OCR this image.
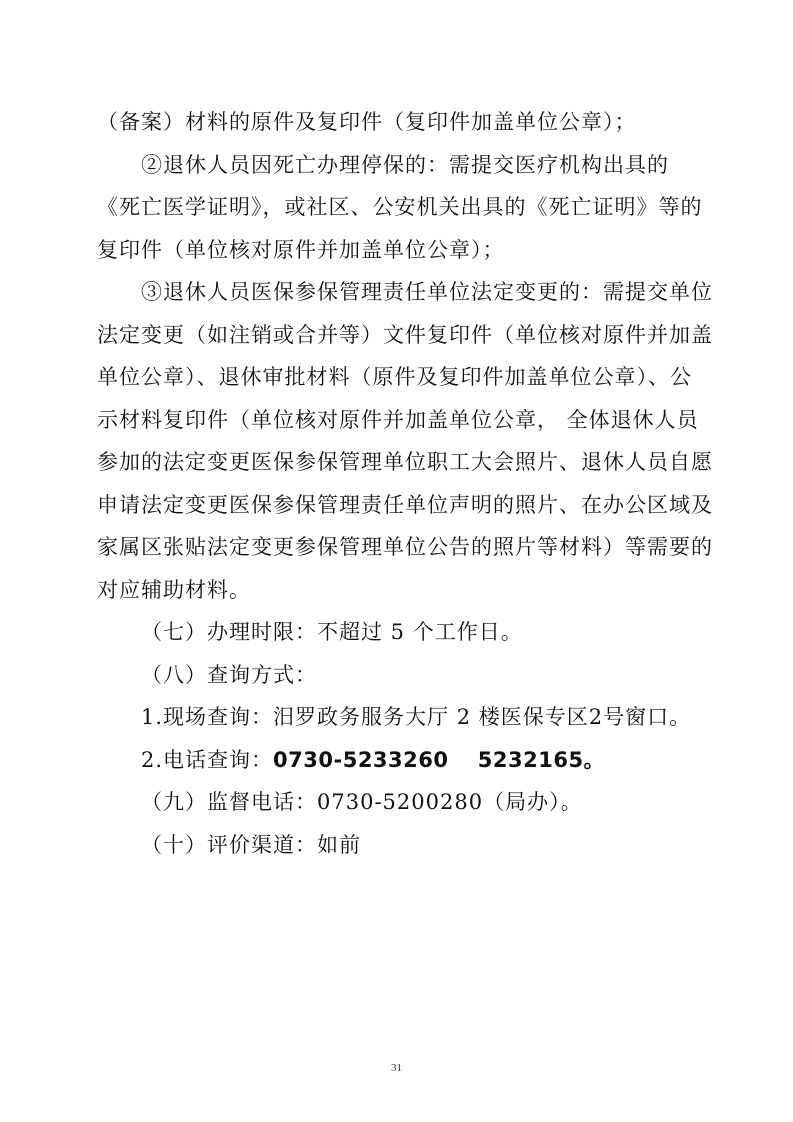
（备案）材料的原件及复印件（复印件加盖单位公章）；
②退休人员因死亡办理停保的：需提交医疗机构出具的
《死亡医学证明》，或社区、公安机关出具的《死亡证明》等的
复印件（单位核对原件并加盖单位公章）；
③退休人员医保参保管理责任单位法定变更的：需提交单位
法定变更（如注销或合并等）文件复印件（单位核对原件并加盖
单位公章）、退休审批材料（原件及复印件加盖单位公章）、公
示材料复印件（单位核对原件并加盖单位公章， 全体退休人员
参加的法定变更医保参保管理单位职工大会照片、退休人员自愿
申请法定变更医保参保管理责任单位声明的照片、在办公区域及
家属区张贴法定变更参保管理单位公告的照片等材料）等需要的
对应辅助材料。
（七）办理时限：不超过 5 个工作日。
（八）查询方式：
1.现场查询：汨罗政务服务大厅 2 楼医保专区2号窗口。
2.电话查询：0730-5233260　 5232165。
（九）监督电话：0730-5200280（局办）。
（十）评价渠道：如前
31
